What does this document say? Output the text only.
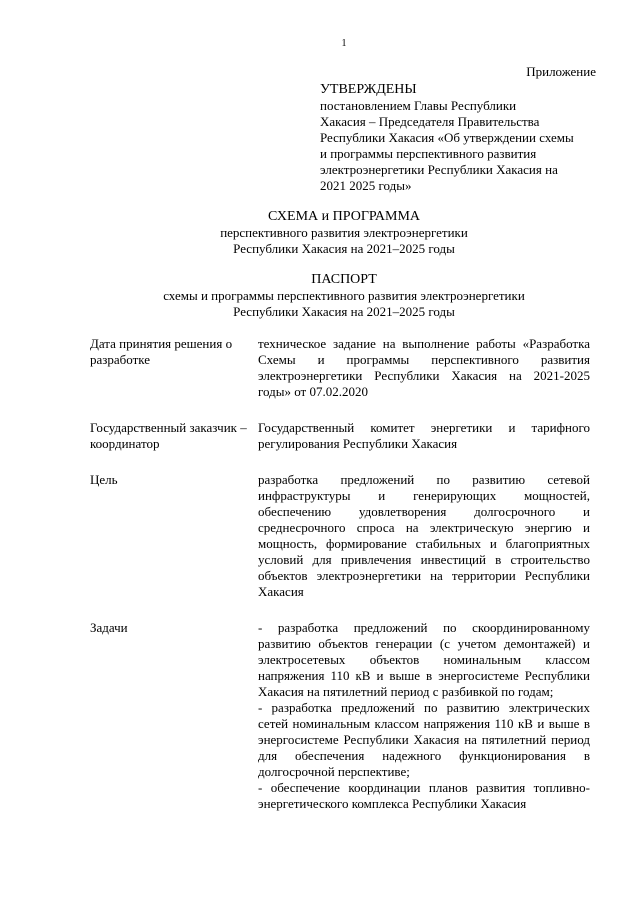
1
Приложение
УТВЕРЖДЕНЫ
постановлением Главы Республики
Хакасия – Председателя Правительства
Республики Хакасия «Об утверждении схемы
и программы перспективного развития
электроэнергетики Республики Хакасия на
2021 2025 годы»
СХЕМА и ПРОГРАММА
перспективного развития электроэнергетики
Республики Хакасия на 2021–2025 годы
ПАСПОРТ
схемы и программы перспективного развития электроэнергетики
Республики Хакасия на 2021–2025 годы
Дата принятия решения о разработке	техническое задание на выполнение работы «Разработка Схемы и программы перспективного развития электроэнергетики Республики Хакасия на 2021-2025 годы» от 07.02.2020

Государственный заказчик – координатор	Государственный комитет энергетики и тарифного регулирования Республики Хакасия

Цель	разработка предложений по развитию сетевой инфраструктуры и генерирующих мощностей, обеспечению удовлетворения долгосрочного и среднесрочного спроса на электрическую энергию и мощность, формирование стабильных и благоприятных условий для привлечения инвестиций в строительство объектов электроэнергетики на территории Республики Хакасия

Задачи	- разработка предложений по скоординированному развитию объектов генерации (с учетом демонтажей) и электросетевых объектов номинальным классом напряжения 110 кВ и выше в энергосистеме Республики Хакасия на пятилетний период с разбивкой по годам;

- разработка предложений по развитию электрических сетей номинальным классом напряжения 110 кВ и выше в энергосистеме Республики Хакасия на пятилетний период для обеспечения надежного функционирования в долгосрочной перспективе;

- обеспечение координации планов развития топливно-энергетического комплекса Республики Хакасия
